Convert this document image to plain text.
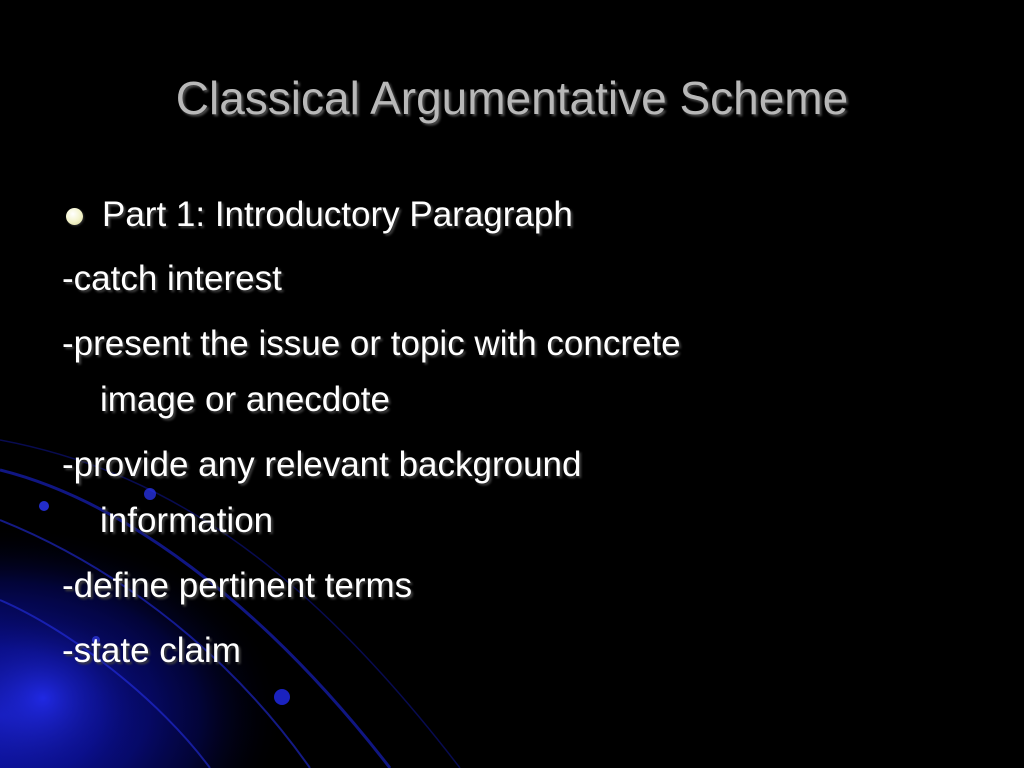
Classical Argumentative Scheme
Part 1: Introductory Paragraph
-catch interest
-present the issue or topic with concrete
image or anecdote
-provide any relevant background
information
-define pertinent terms
-state claim
